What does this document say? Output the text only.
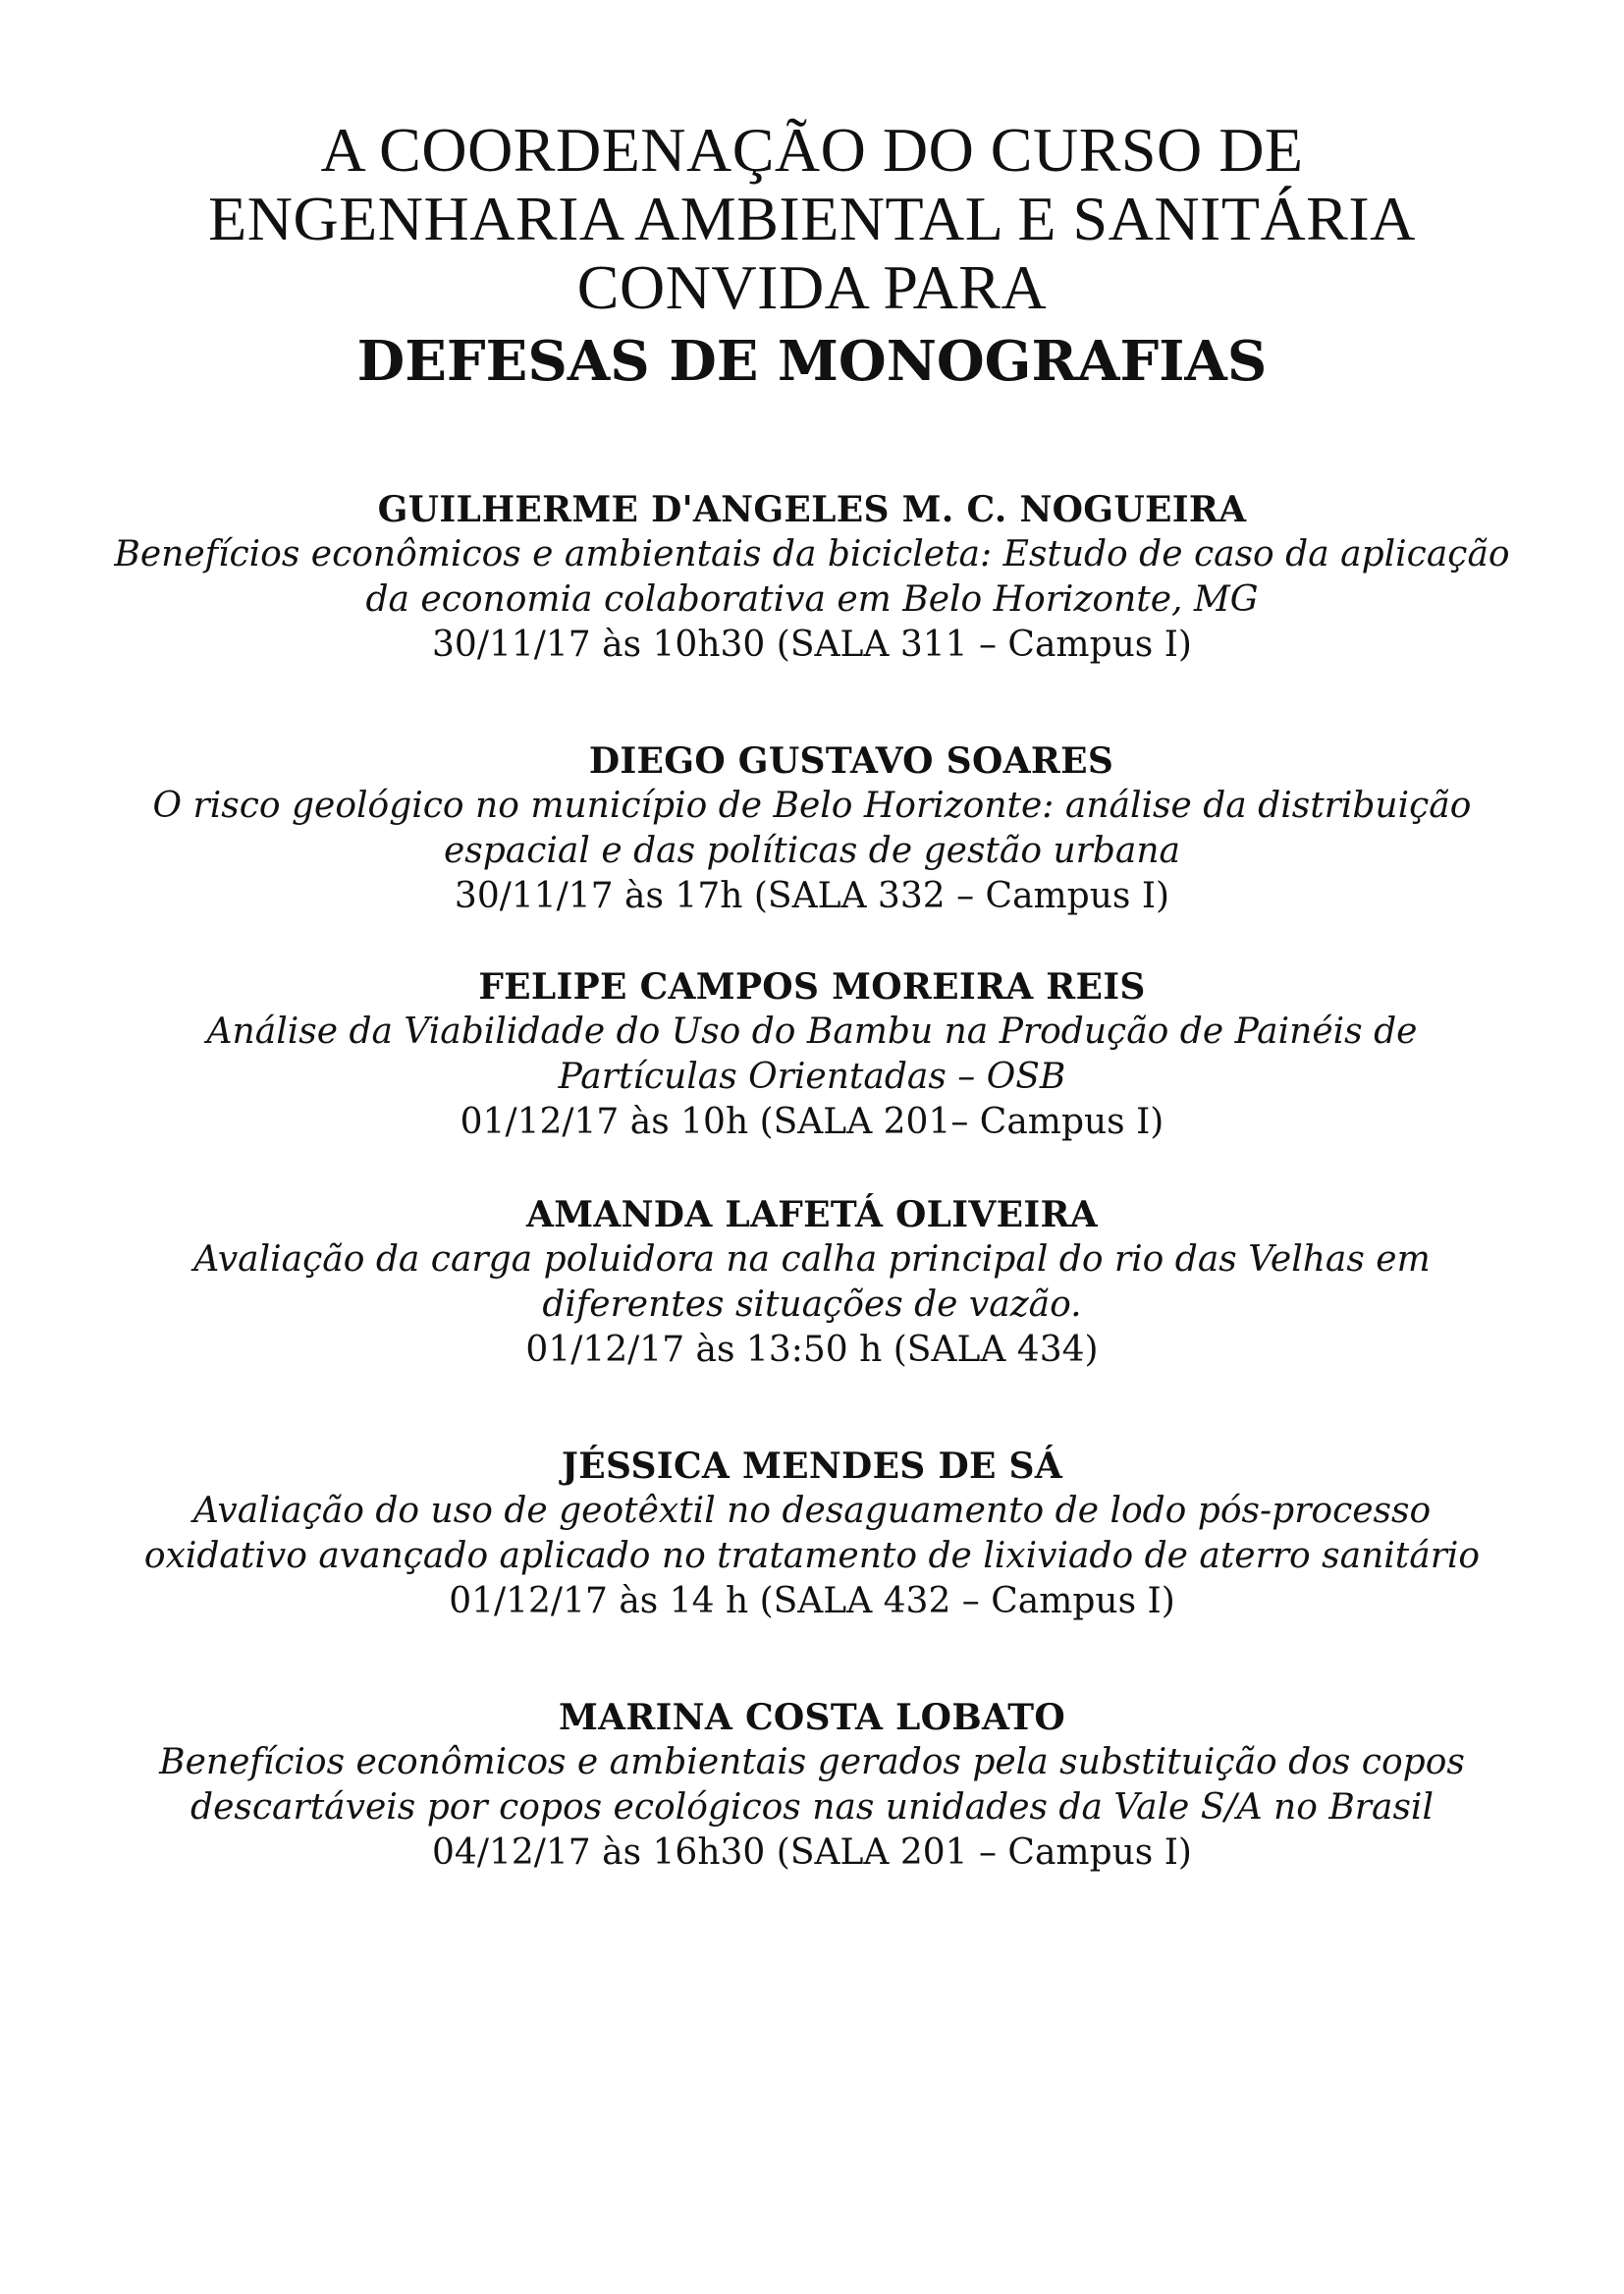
A COORDENAÇÃO DO CURSO DE
ENGENHARIA AMBIENTAL E SANITÁRIA
CONVIDA PARA
DEFESAS DE MONOGRAFIAS
GUILHERME D'ANGELES M. C. NOGUEIRA
Benefícios econômicos e ambientais da bicicleta: Estudo de caso da aplicação
da economia colaborativa em Belo Horizonte, MG
30/11/17 às 10h30 (SALA 311 – Campus I)
DIEGO GUSTAVO SOARES
O risco geológico no município de Belo Horizonte: análise da distribuição
espacial e das políticas de gestão urbana
30/11/17 às 17h (SALA 332 – Campus I)
FELIPE CAMPOS MOREIRA REIS
Análise da Viabilidade do Uso do Bambu na Produção de Painéis de
Partículas Orientadas – OSB
01/12/17 às 10h (SALA 201– Campus I)
AMANDA LAFETÁ OLIVEIRA
Avaliação da carga poluidora na calha principal do rio das Velhas em
diferentes situações de vazão.
01/12/17 às 13:50 h (SALA 434)
JÉSSICA MENDES DE SÁ
Avaliação do uso de geotêxtil no desaguamento de lodo pós-processo
oxidativo avançado aplicado no tratamento de lixiviado de aterro sanitário
01/12/17 às 14 h (SALA 432 – Campus I)
MARINA COSTA LOBATO
Benefícios econômicos e ambientais gerados pela substituição dos copos
descartáveis por copos ecológicos nas unidades da Vale S/A no Brasil
04/12/17 às 16h30 (SALA 201 – Campus I)
